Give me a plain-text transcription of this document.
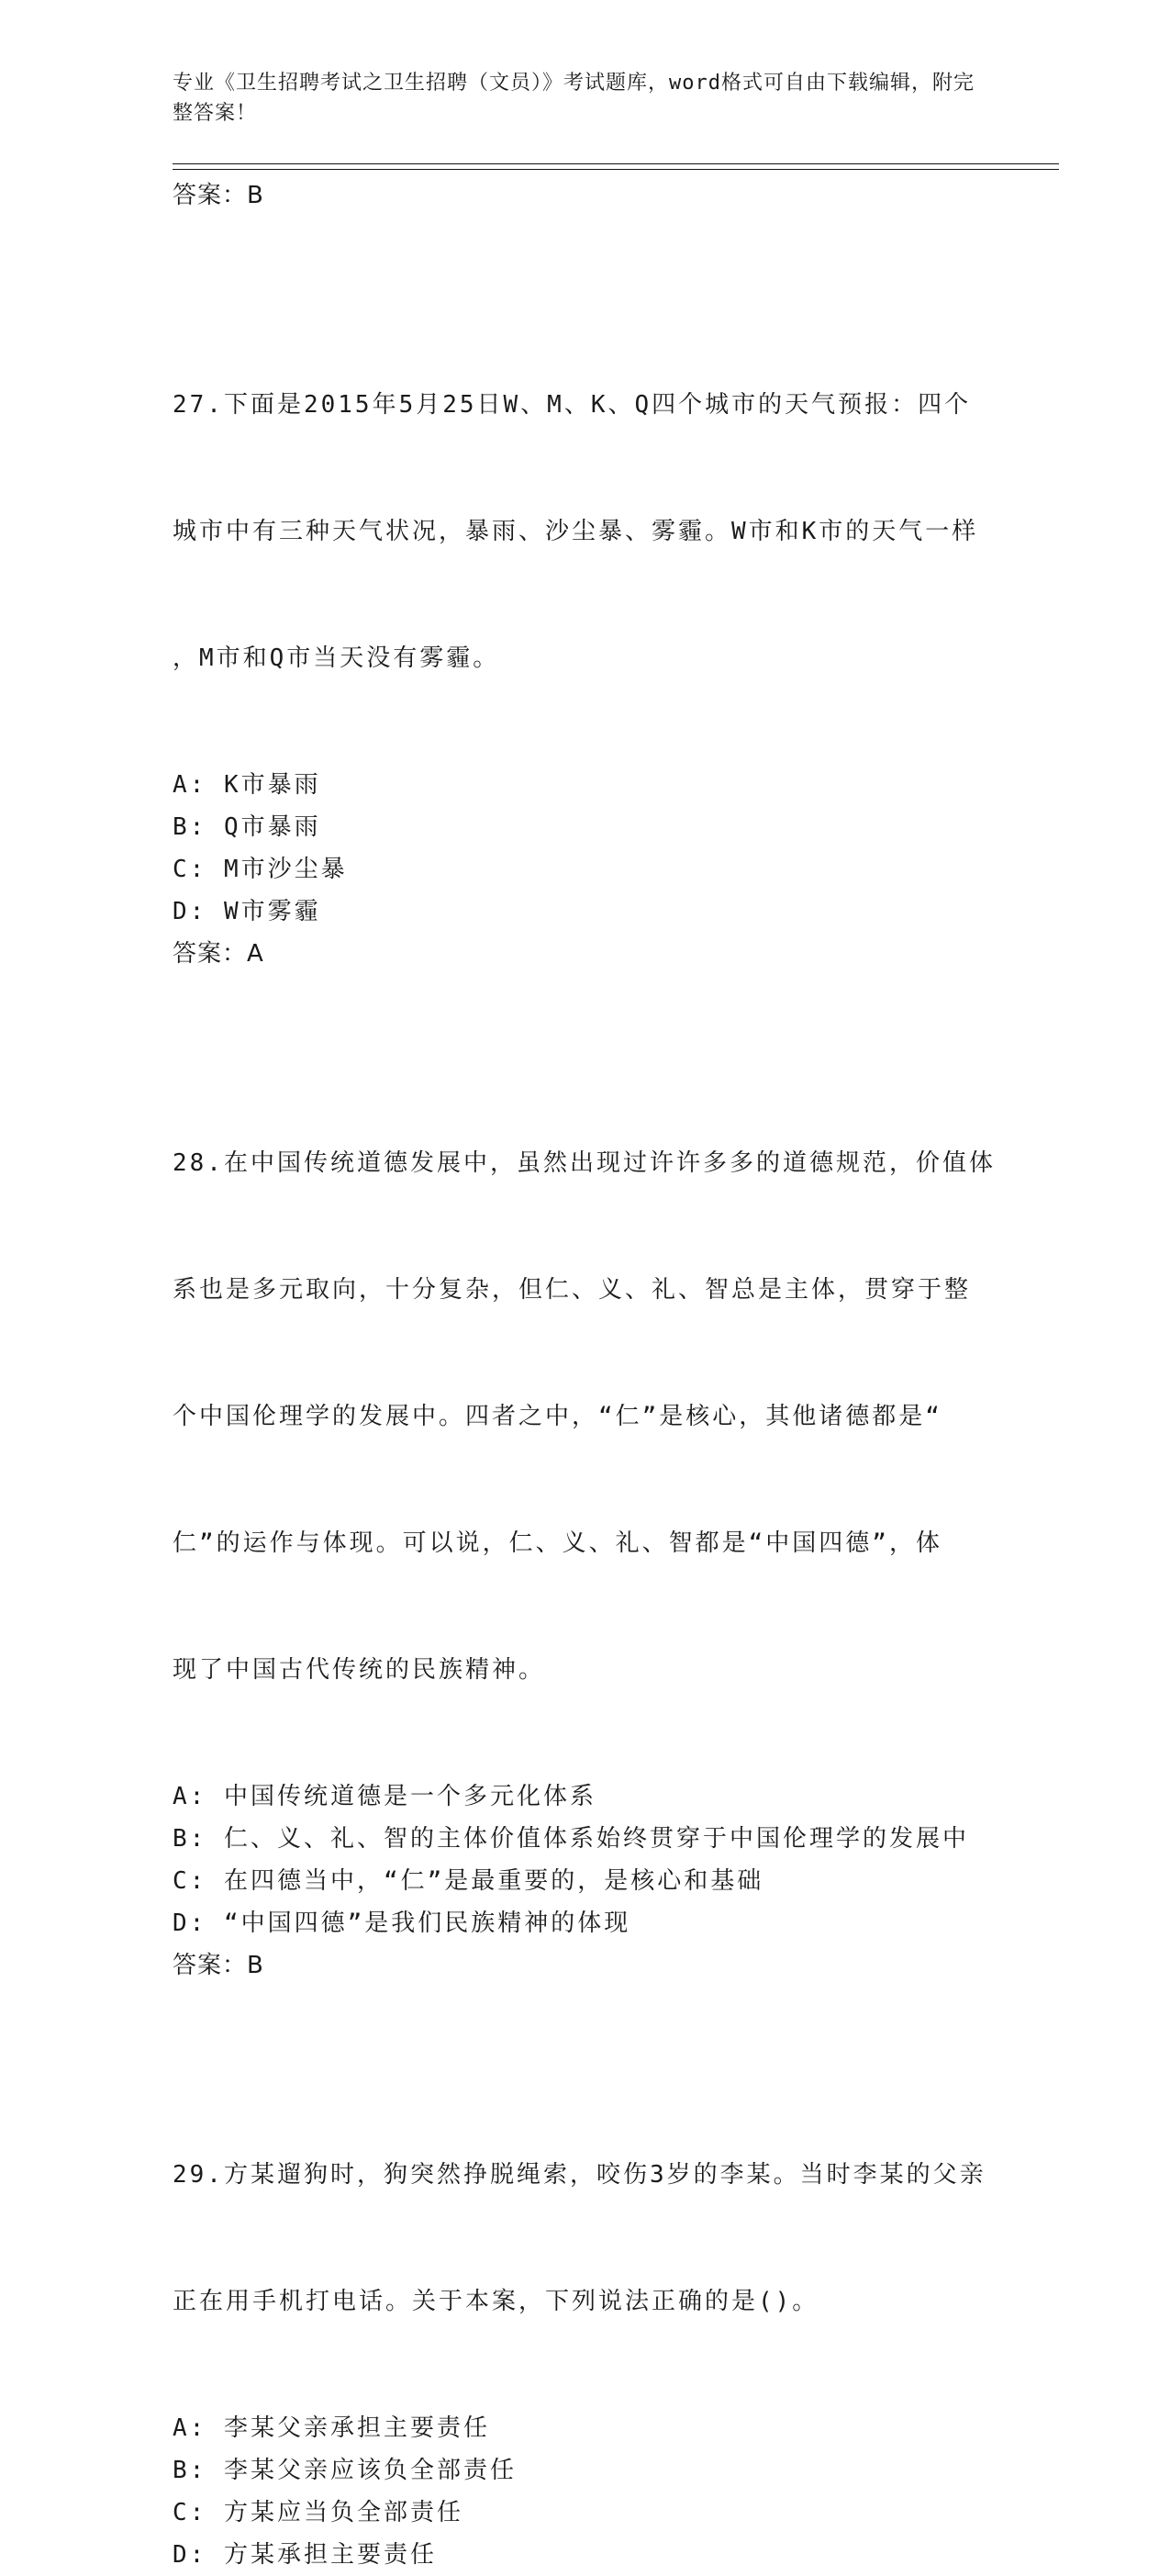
专业《卫生招聘考试之卫生招聘（文员）》考试题库，word格式可自由下载编辑，附完整答案！
答案：B

27.下面是2015年5月25日W、M、K、Q四个城市的天气预报：四个

城市中有三种天气状况，暴雨、沙尘暴、雾霾。W市和K市的天气一样

，M市和Q市当天没有雾霾。

A: K市暴雨
B: Q市暴雨
C: M市沙尘暴
D: W市雾霾
答案：A

28.在中国传统道德发展中，虽然出现过许许多多的道德规范，价值体

系也是多元取向，十分复杂，但仁、义、礼、智总是主体，贯穿于整

个中国伦理学的发展中。四者之中，“仁”是核心，其他诸德都是“

仁”的运作与体现。可以说，仁、义、礼、智都是“中国四德”，体

现了中国古代传统的民族精神。

A: 中国传统道德是一个多元化体系
B: 仁、义、礼、智的主体价值体系始终贯穿于中国伦理学的发展中
C: 在四德当中，“仁”是最重要的，是核心和基础
D: “中国四德”是我们民族精神的体现
答案：B

29.方某遛狗时，狗突然挣脱绳索，咬伤3岁的李某。当时李某的父亲

正在用手机打电话。关于本案，下列说法正确的是()。

A: 李某父亲承担主要责任
B: 李某父亲应该负全部责任
C: 方某应当负全部责任
D: 方某承担主要责任
